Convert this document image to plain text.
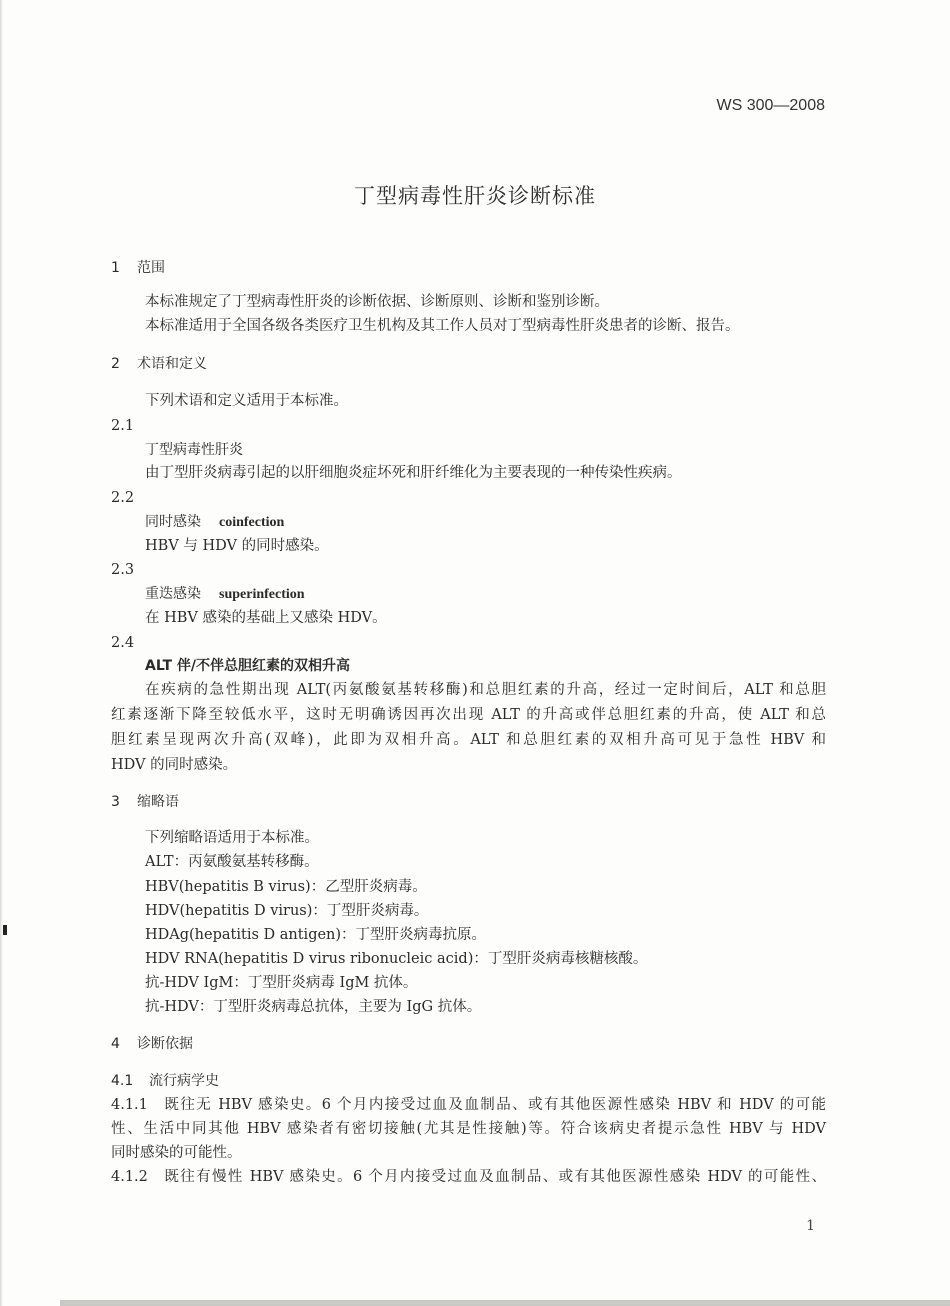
WS 300—2008
丁型病毒性肝炎诊断标准
1 范围
本标准规定了丁型病毒性肝炎的诊断依据、诊断原则、诊断和鉴别诊断。
本标准适用于全国各级各类医疗卫生机构及其工作人员对丁型病毒性肝炎患者的诊断、报告。
2 术语和定义
下列术语和定义适用于本标准。
2.1
丁型病毒性肝炎
由丁型肝炎病毒引起的以肝细胞炎症坏死和肝纤维化为主要表现的一种传染性疾病。
2.2
同时感染 coinfection
HBV 与 HDV 的同时感染。
2.3
重迭感染 superinfection
在 HBV 感染的基础上又感染 HDV。
2.4
ALT 伴/不伴总胆红素的双相升高
在疾病的急性期出现 ALT(丙氨酸氨基转移酶)和总胆红素的升高，经过一定时间后，ALT 和总胆
红素逐渐下降至较低水平，这时无明确诱因再次出现 ALT 的升高或伴总胆红素的升高，使 ALT 和总
胆红素呈现两次升高(双峰)，此即为双相升高。ALT 和总胆红素的双相升高可见于急性 HBV 和
HDV 的同时感染。
3 缩略语
下列缩略语适用于本标准。
ALT：丙氨酸氨基转移酶。
HBV(hepatitis B virus)：乙型肝炎病毒。
HDV(hepatitis D virus)：丁型肝炎病毒。
HDAg(hepatitis D antigen)：丁型肝炎病毒抗原。
HDV RNA(hepatitis D virus ribonucleic acid)：丁型肝炎病毒核糖核酸。
抗-HDV IgM：丁型肝炎病毒 IgM 抗体。
抗-HDV：丁型肝炎病毒总抗体，主要为 IgG 抗体。
4 诊断依据
4.1 流行病学史
4.1.1 既往无 HBV 感染史。6 个月内接受过血及血制品、或有其他医源性感染 HBV 和 HDV 的可能
性、生活中同其他 HBV 感染者有密切接触(尤其是性接触)等。符合该病史者提示急性 HBV 与 HDV
同时感染的可能性。
4.1.2 既往有慢性 HBV 感染史。6 个月内接受过血及血制品、或有其他医源性感染 HDV 的可能性、
1
